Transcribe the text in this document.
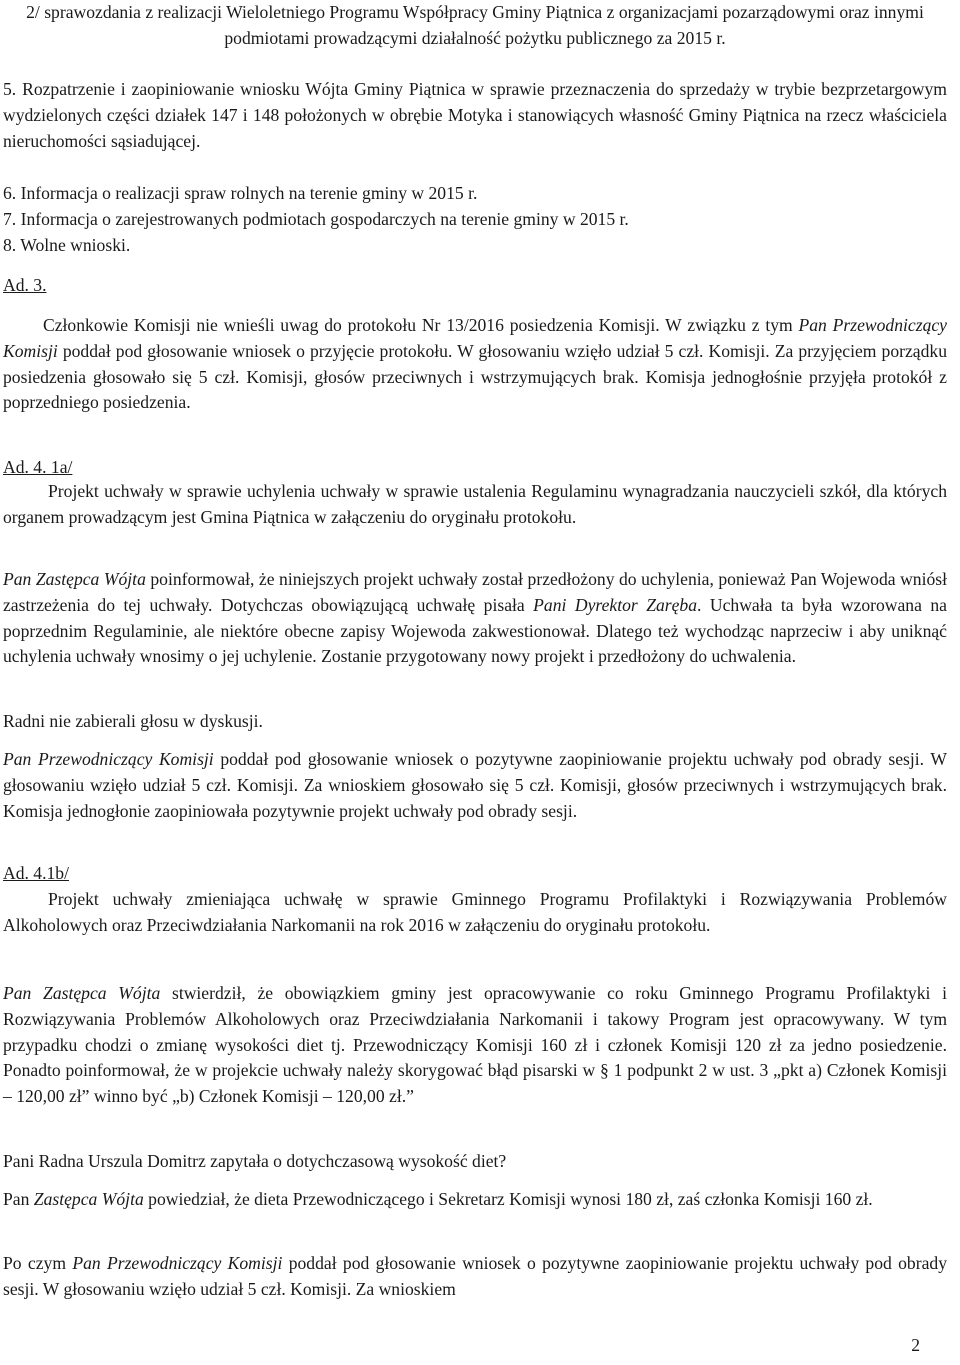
2/ sprawozdania z realizacji Wieloletniego Programu Współpracy Gminy Piątnica z organizacjami pozarządowymi oraz innymi podmiotami prowadzącymi działalność pożytku publicznego za 2015 r.

5. Rozpatrzenie i zaopiniowanie wniosku Wójta Gminy Piątnica w sprawie przeznaczenia do sprzedaży w trybie bezprzetargowym wydzielonych części działek 147 i 148 położonych w obrębie Motyka i stanowiących własność Gminy Piątnica na rzecz właściciela nieruchomości sąsiadującej.

6. Informacja o realizacji spraw rolnych na terenie gminy w 2015 r.

7. Informacja o zarejestrowanych podmiotach gospodarczych na terenie gminy w 2015 r.

8. Wolne wnioski.

Ad. 3.

Członkowie Komisji nie wnieśli uwag do protokołu Nr 13/2016 posiedzenia Komisji. W związku z tym Pan Przewodniczący Komisji poddał pod głosowanie wniosek o przyjęcie protokołu. W głosowaniu wzięło udział 5 czł. Komisji. Za przyjęciem porządku posiedzenia głosowało się 5 czł. Komisji, głosów przeciwnych i wstrzymujących brak. Komisja jednogłośnie przyjęła protokół z poprzedniego posiedzenia.

Ad. 4. 1a/

Projekt uchwały w sprawie uchylenia uchwały w sprawie ustalenia Regulaminu wynagradzania nauczycieli szkół, dla których organem prowadzącym jest Gmina Piątnica w załączeniu do oryginału protokołu.

Pan Zastępca Wójta poinformował, że niniejszych projekt uchwały został przedłożony do uchylenia, ponieważ Pan Wojewoda wniósł zastrzeżenia do tej uchwały. Dotychczas obowiązującą uchwałę pisała Pani Dyrektor Zaręba. Uchwała ta była wzorowana na poprzednim Regulaminie, ale niektóre obecne zapisy Wojewoda zakwestionował. Dlatego też wychodząc naprzeciw i aby uniknąć uchylenia uchwały wnosimy o jej uchylenie. Zostanie przygotowany nowy projekt i przedłożony do uchwalenia.

Radni nie zabierali głosu w dyskusji.

Pan Przewodniczący Komisji poddał pod głosowanie wniosek o pozytywne zaopiniowanie projektu uchwały pod obrady sesji. W głosowaniu wzięło udział 5 czł. Komisji. Za wnioskiem głosowało się 5 czł. Komisji, głosów przeciwnych i wstrzymujących brak. Komisja jednogłonie zaopiniowała pozytywnie projekt uchwały pod obrady sesji.

Ad. 4.1b/

Projekt uchwały zmieniająca uchwałę w sprawie Gminnego Programu Profilaktyki i Rozwiązywania Problemów Alkoholowych oraz Przeciwdziałania Narkomanii na rok 2016 w załączeniu do oryginału protokołu.

Pan Zastępca Wójta stwierdził, że obowiązkiem gminy jest opracowywanie co roku Gminnego Programu Profilaktyki i Rozwiązywania Problemów Alkoholowych oraz Przeciwdziałania Narkomanii i takowy Program jest opracowywany. W tym przypadku chodzi o zmianę wysokości diet tj. Przewodniczący Komisji 160 zł i członek Komisji 120 zł za jedno posiedzenie. Ponadto poinformował, że w projekcie uchwały należy skorygować błąd pisarski w § 1 podpunkt 2 w ust. 3 „pkt a) Członek Komisji – 120,00 zł” winno być „b) Członek Komisji – 120,00 zł.”

Pani Radna Urszula Domitrz zapytała o dotychczasową wysokość diet?

Pan Zastępca Wójta powiedział, że dieta Przewodniczącego i Sekretarz Komisji wynosi 180 zł, zaś członka Komisji 160 zł.

Po czym Pan Przewodniczący Komisji poddał pod głosowanie wniosek o pozytywne zaopiniowanie projektu uchwały pod obrady sesji. W głosowaniu wzięło udział 5 czł. Komisji. Za wnioskiem

2
